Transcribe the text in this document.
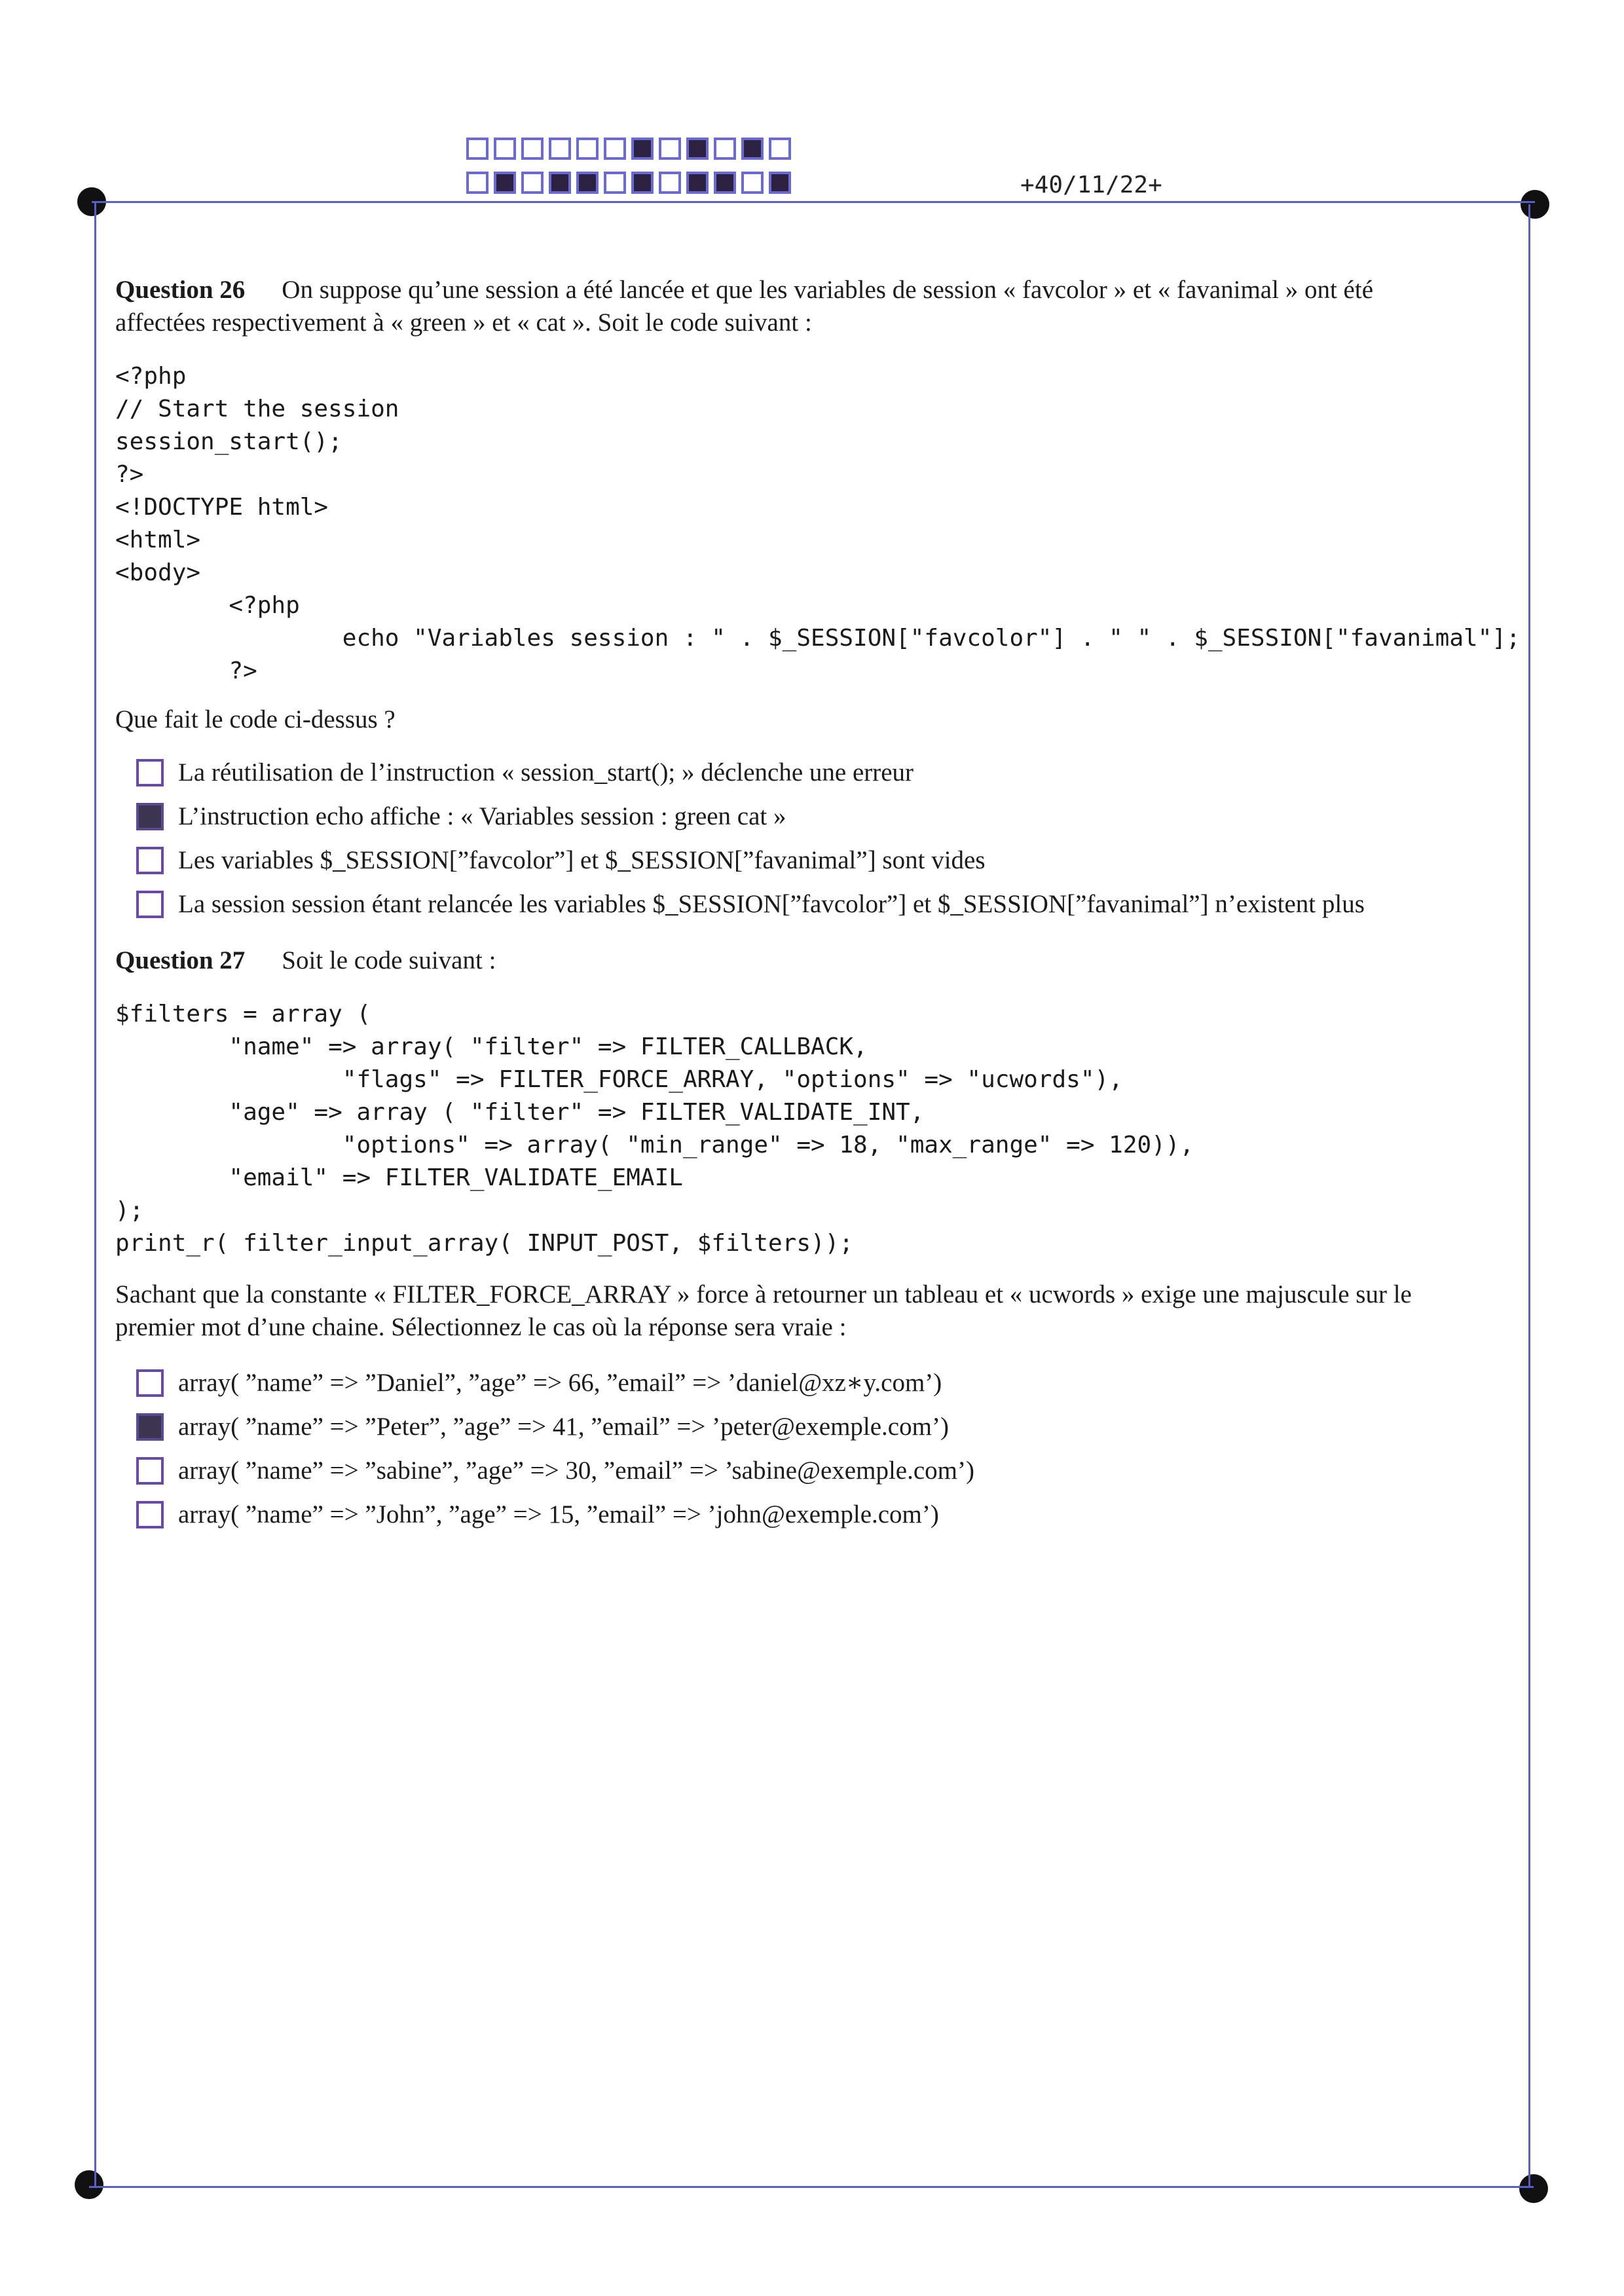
+40/11/22+

Question 26 On suppose qu’une session a été lancée et que les variables de session « favcolor » et « favanimal » ont été

affectées respectivement à « green » et « cat ». Soit le code suivant :

<?php
// Start the session
session_start();
?>
<!DOCTYPE html>
<html>
<body>
<?php
echo "Variables session : " . $_SESSION["favcolor"] . " " . $_SESSION["favanimal"];
?>

Que fait le code ci-dessus ?

La réutilisation de l’instruction « session_start(); » déclenche une erreur
L’instruction echo affiche : « Variables session : green cat »
Les variables $_SESSION[”favcolor”] et $_SESSION[”favanimal”] sont vides
La session session étant relancée les variables $_SESSION[”favcolor”] et $_SESSION[”favanimal”] n’existent plus

Question 27 Soit le code suivant :

$filters = array (
"name" => array( "filter" => FILTER_CALLBACK,
"flags" => FILTER_FORCE_ARRAY, "options" => "ucwords"),
"age" => array ( "filter" => FILTER_VALIDATE_INT,
"options" => array( "min_range" => 18, "max_range" => 120)),
"email" => FILTER_VALIDATE_EMAIL
);
print_r( filter_input_array( INPUT_POST, $filters));

Sachant que la constante « FILTER_FORCE_ARRAY » force à retourner un tableau et « ucwords » exige une majuscule sur le

premier mot d’une chaine. Sélectionnez le cas où la réponse sera vraie :

array( ”name” => ”Daniel”, ”age” => 66, ”email” => ’daniel@xz∗y.com’)
array( ”name” => ”Peter”, ”age” => 41, ”email” => ’peter@exemple.com’)
array( ”name” => ”sabine”, ”age” => 30, ”email” => ’sabine@exemple.com’)
array( ”name” => ”John”, ”age” => 15, ”email” => ’john@exemple.com’)
